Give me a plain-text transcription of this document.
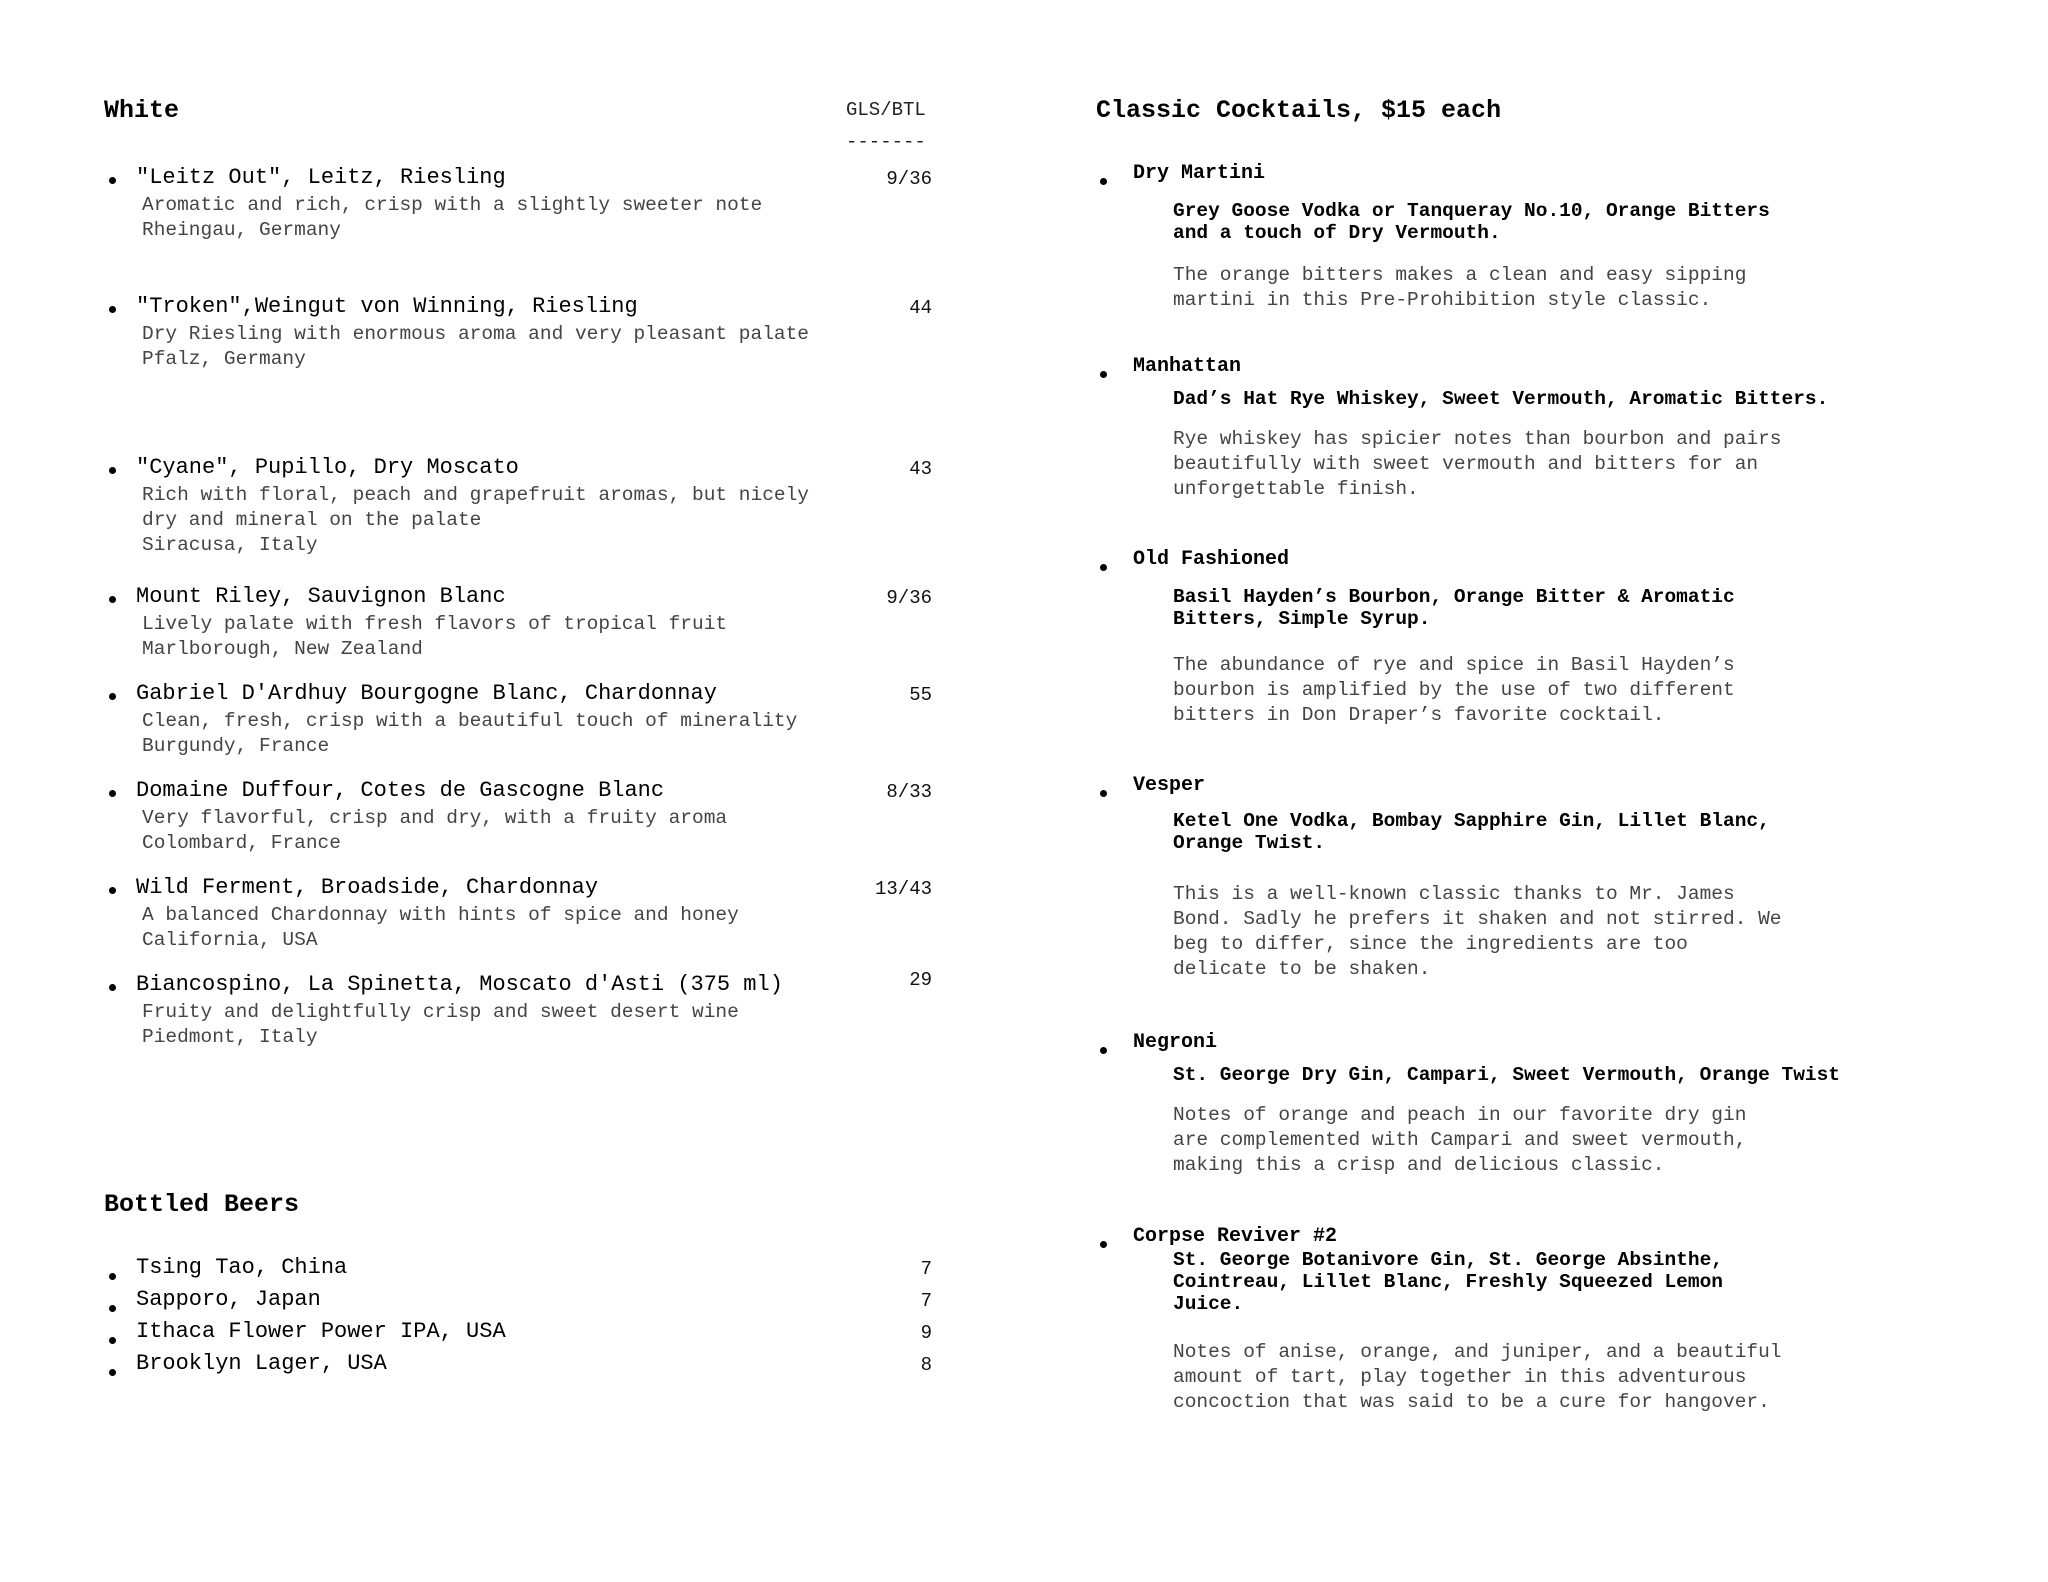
White	GLS/BTL
-------
"Leitz Out", Leitz, Riesling	9/36
Aromatic and rich, crisp with a slightly sweeter note
Rheingau, Germany
"Troken",Weingut von Winning, Riesling	44
Dry Riesling with enormous aroma and very pleasant palate
Pfalz, Germany
"Cyane", Pupillo, Dry Moscato	43
Rich with floral, peach and grapefruit aromas, but nicely
dry and mineral on the palate
Siracusa, Italy
Mount Riley, Sauvignon Blanc	9/36
Lively palate with fresh flavors of tropical fruit
Marlborough, New Zealand
Gabriel D'Ardhuy Bourgogne Blanc, Chardonnay	55
Clean, fresh, crisp with a beautiful touch of minerality
Burgundy, France
Domaine Duffour, Cotes de Gascogne Blanc	8/33
Very flavorful, crisp and dry, with a fruity aroma
Colombard, France
Wild Ferment, Broadside, Chardonnay	13/43
A balanced Chardonnay with hints of spice and honey
California, USA
Biancospino, La Spinetta, Moscato d'Asti (375 ml)	29
Fruity and delightfully crisp and sweet desert wine
Piedmont, Italy
Bottled Beers
Tsing Tao, China	7
Sapporo, Japan	7
Ithaca Flower Power IPA, USA	9
Brooklyn Lager, USA	8
Classic Cocktails, $15 each
Dry Martini
Grey Goose Vodka or Tanqueray No.10, Orange Bitters
and a touch of Dry Vermouth.
The orange bitters makes a clean and easy sipping
martini in this Pre-Prohibition style classic.
Manhattan
Dad’s Hat Rye Whiskey, Sweet Vermouth, Aromatic Bitters.
Rye whiskey has spicier notes than bourbon and pairs
beautifully with sweet vermouth and bitters for an
unforgettable finish.
Old Fashioned
Basil Hayden’s Bourbon, Orange Bitter & Aromatic
Bitters, Simple Syrup.
The abundance of rye and spice in Basil Hayden’s
bourbon is amplified by the use of two different
bitters in Don Draper’s favorite cocktail.
Vesper
Ketel One Vodka, Bombay Sapphire Gin, Lillet Blanc,
Orange Twist.
This is a well-known classic thanks to Mr. James
Bond. Sadly he prefers it shaken and not stirred. We
beg to differ, since the ingredients are too
delicate to be shaken.
Negroni
St. George Dry Gin, Campari, Sweet Vermouth, Orange Twist
Notes of orange and peach in our favorite dry gin
are complemented with Campari and sweet vermouth,
making this a crisp and delicious classic.
Corpse Reviver #2
St. George Botanivore Gin, St. George Absinthe,
Cointreau, Lillet Blanc, Freshly Squeezed Lemon
Juice.
Notes of anise, orange, and juniper, and a beautiful
amount of tart, play together in this adventurous
concoction that was said to be a cure for hangover.
